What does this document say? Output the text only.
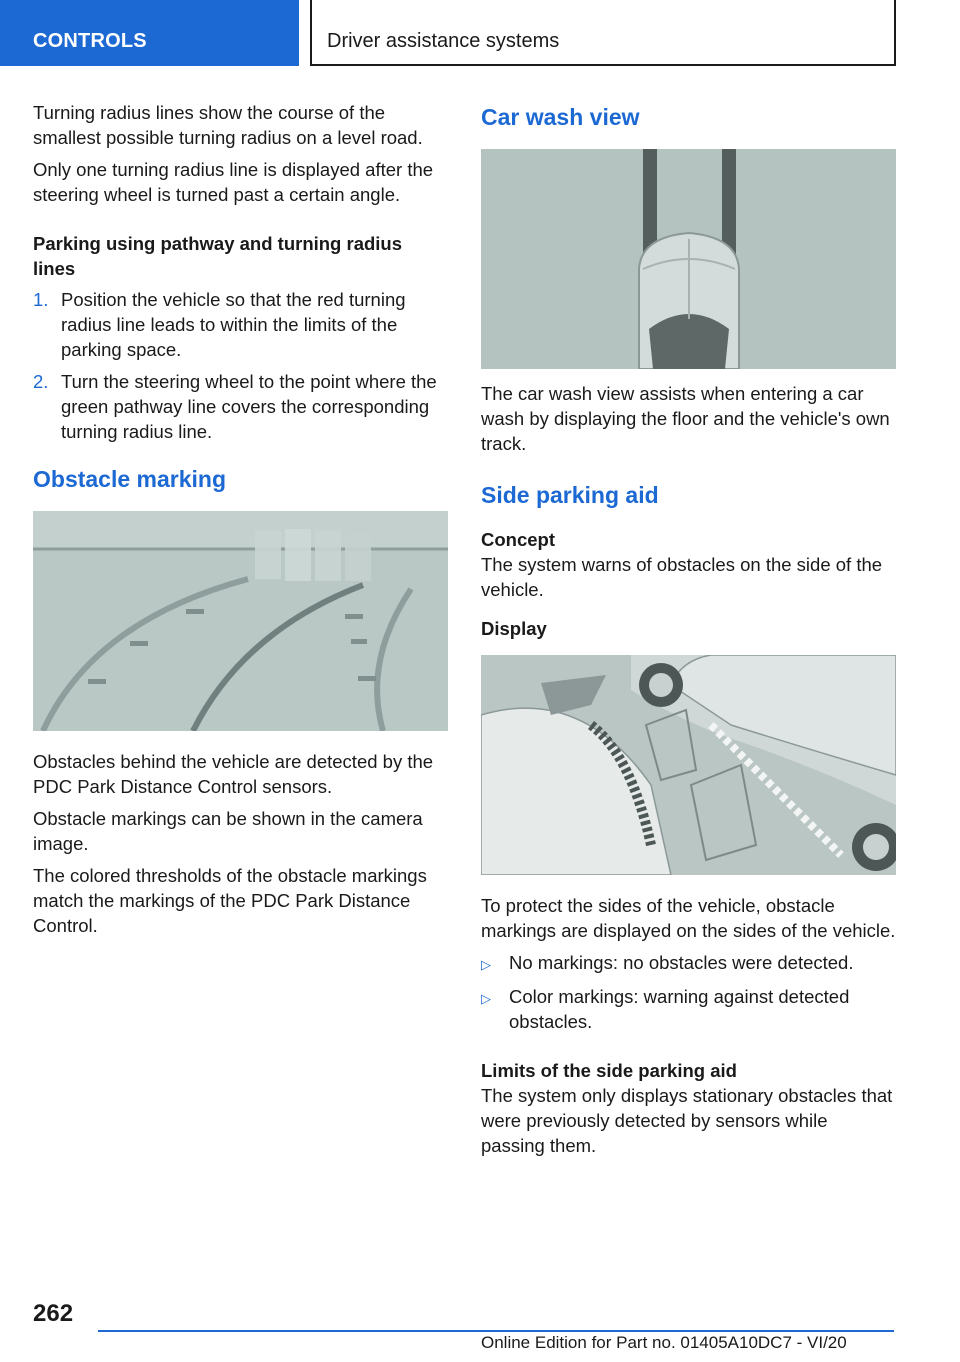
CONTROLS	Driver assistance systems

Turning radius lines show the course of the smallest possible turning radius on a level road.

Only one turning radius line is displayed after the steering wheel is turned past a certain angle.

Parking using pathway and turning radius lines
1. Position the vehicle so that the red turning radius line leads to within the limits of the parking space.
2. Turn the steering wheel to the point where the green pathway line covers the corresponding turning radius line.
Obstacle marking

Obstacles behind the vehicle are detected by the PDC Park Distance Control sensors.

Obstacle markings can be shown in the camera image.

The colored thresholds of the obstacle markings match the markings of the PDC Park Distance Control.

Car wash view

The car wash view assists when entering a car wash by displaying the floor and the vehicle's own track.

Side parking aid
Concept

The system warns of obstacles on the side of the vehicle.

Display

To protect the sides of the vehicle, obstacle markings are displayed on the sides of the vehicle.

▷ No markings: no obstacles were detected.
▷ Color markings: warning against detected obstacles.
Limits of the side parking aid

The system only displays stationary obstacles that were previously detected by sensors while passing them.

262
Online Edition for Part no. 01405A10DC7 - VI/20
